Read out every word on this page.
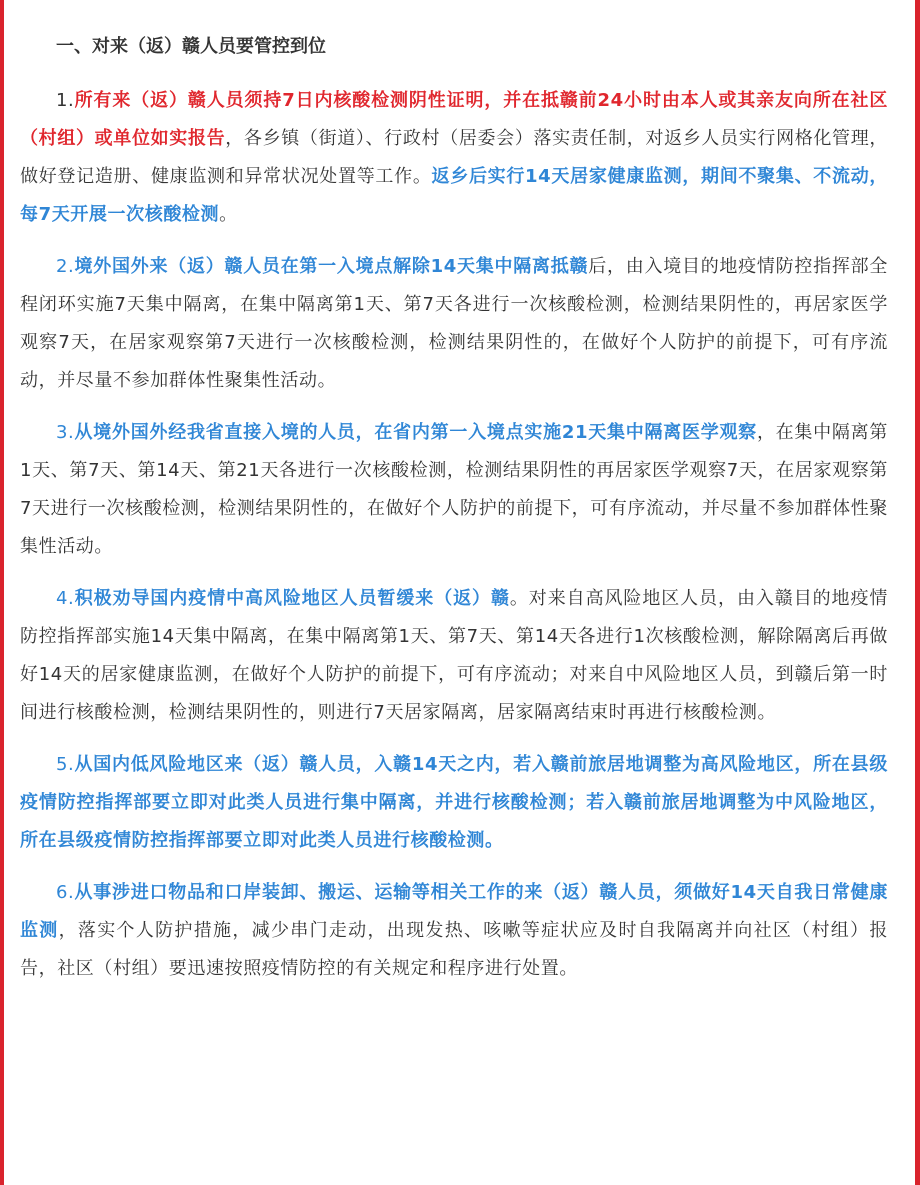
一、对来（返）赣人员要管控到位

1.所有来（返）赣人员须持7日内核酸检测阴性证明，并在抵赣前24小时由本人或其亲友向所在社区（村组）或单位如实报告，各乡镇（街道）、行政村（居委会）落实责任制，对返乡人员实行网格化管理，做好登记造册、健康监测和异常状况处置等工作。返乡后实行14天居家健康监测，期间不聚集、不流动，每7天开展一次核酸检测。

2.境外国外来（返）赣人员在第一入境点解除14天集中隔离抵赣后，由入境目的地疫情防控指挥部全程闭环实施7天集中隔离，在集中隔离第1天、第7天各进行一次核酸检测，检测结果阴性的，再居家医学观察7天，在居家观察第7天进行一次核酸检测，检测结果阴性的，在做好个人防护的前提下，可有序流动，并尽量不参加群体性聚集性活动。

3.从境外国外经我省直接入境的人员，在省内第一入境点实施21天集中隔离医学观察，在集中隔离第1天、第7天、第14天、第21天各进行一次核酸检测，检测结果阴性的再居家医学观察7天，在居家观察第7天进行一次核酸检测，检测结果阴性的，在做好个人防护的前提下，可有序流动，并尽量不参加群体性聚集性活动。

4.积极劝导国内疫情中高风险地区人员暂缓来（返）赣。对来自高风险地区人员，由入赣目的地疫情防控指挥部实施14天集中隔离，在集中隔离第1天、第7天、第14天各进行1次核酸检测，解除隔离后再做好14天的居家健康监测，在做好个人防护的前提下，可有序流动；对来自中风险地区人员，到赣后第一时间进行核酸检测，检测结果阴性的，则进行7天居家隔离，居家隔离结束时再进行核酸检测。

5.从国内低风险地区来（返）赣人员，入赣14天之内，若入赣前旅居地调整为高风险地区，所在县级疫情防控指挥部要立即对此类人员进行集中隔离，并进行核酸检测；若入赣前旅居地调整为中风险地区，所在县级疫情防控指挥部要立即对此类人员进行核酸检测。

6.从事涉进口物品和口岸装卸、搬运、运输等相关工作的来（返）赣人员，须做好14天自我日常健康监测，落实个人防护措施，减少串门走动，出现发热、咳嗽等症状应及时自我隔离并向社区（村组）报告，社区（村组）要迅速按照疫情防控的有关规定和程序进行处置。
